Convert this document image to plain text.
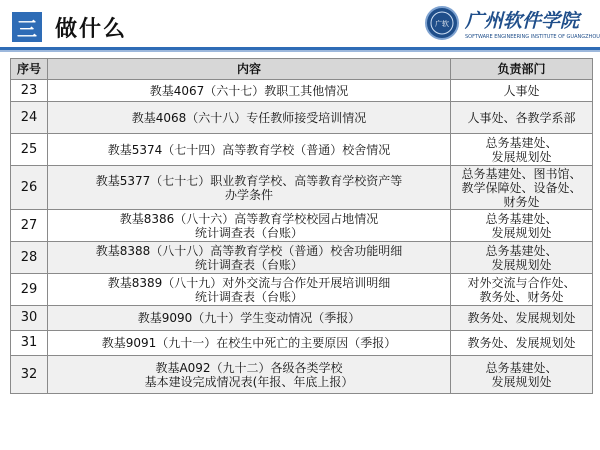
三 做什么	广软 广州软件学院
SOFTWARE ENGINEERING INSTITUTE OF GUANGZHOU
序号	内容	负责部门
23	教基4067（六十七）教职工其他情况	人事处

24	教基4068（六十八）专任教师接受培训情况	人事处、各教学系部

25	教基5374（七十四）高等教育学校（普通）校舍情况	总务基建处、
发展规划处

26	教基5377（七十七）职业教育学校、高等教育学校资产等
办学条件	总务基建处、图书馆、
教学保障处、设备处、
财务处

27	教基8386（八十六）高等教育学校校园占地情况
统计调查表（台账）	总务基建处、
发展规划处

28	教基8388（八十八）高等教育学校（普通）校舍功能明细
统计调查表（台账）	总务基建处、
发展规划处

29	教基8389（八十九）对外交流与合作处开展培训明细
统计调查表（台账）	对外交流与合作处、
教务处、财务处

30	教基9090（九十）学生变动情况（季报）	教务处、发展规划处

31	教基9091（九十一）在校生中死亡的主要原因（季报）	教务处、发展规划处

32	教基A092（九十二）各级各类学校
基本建设完成情况表(年报、年底上报）	总务基建处、
发展规划处
